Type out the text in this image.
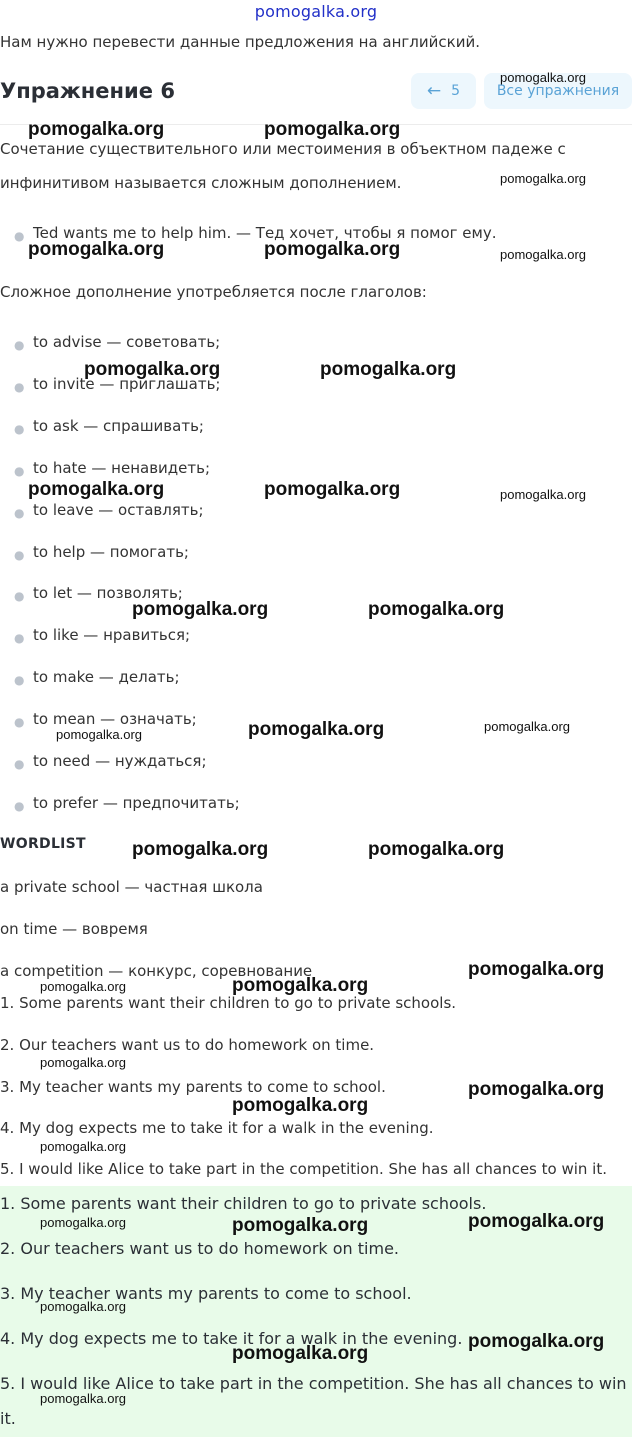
pomogalka.org
Нам нужно перевести данные предложения на английский.
Упражнение 6	← 5	Все упражнения
Сочетание существительного или местоимения в объектном падеже с
инфинитивом называется сложным дополнением.
● Ted wants me to help him. — Тед хочет, чтобы я помог ему.
Сложное дополнение употребляется после глаголов:
● to advise — советовать;
● to invite — приглашать;
● to ask — спрашивать;
● to hate — ненавидеть;
● to leave — оставлять;
● to help — помогать;
● to let — позволять;
● to like — нравиться;
● to make — делать;
● to mean — означать;
● to need — нуждаться;
● to prefer — предпочитать;
WORDLIST
a private school — частная школа
on time — вовремя
a competition — конкурс, соревнование
1. Some parents want their children to go to private schools.
2. Our teachers want us to do homework on time.
3. My teacher wants my parents to come to school.
4. My dog expects me to take it for a walk in the evening.
5. I would like Alice to take part in the competition. She has all chances to win it.
1. Some parents want their children to go to private schools.
2. Our teachers want us to do homework on time.
3. My teacher wants my parents to come to school.
4. My dog expects me to take it for a walk in the evening.
5. I would like Alice to take part in the competition. She has all chances to win
it.
pomogalka.org
pomogalka.org	pomogalka.org
pomogalka.org
pomogalka.org	pomogalka.org	pomogalka.org
pomogalka.org	pomogalka.org
pomogalka.org	pomogalka.org	pomogalka.org
pomogalka.org	pomogalka.org
pomogalka.org	pomogalka.org
pomogalka.org
pomogalka.org	pomogalka.org
pomogalka.org
pomogalka.org
pomogalka.org
pomogalka.org
pomogalka.org
pomogalka.org
pomogalka.org
pomogalka.org
pomogalka.org	pomogalka.org
pomogalka.org
pomogalka.org
pomogalka.org
pomogalka.org
